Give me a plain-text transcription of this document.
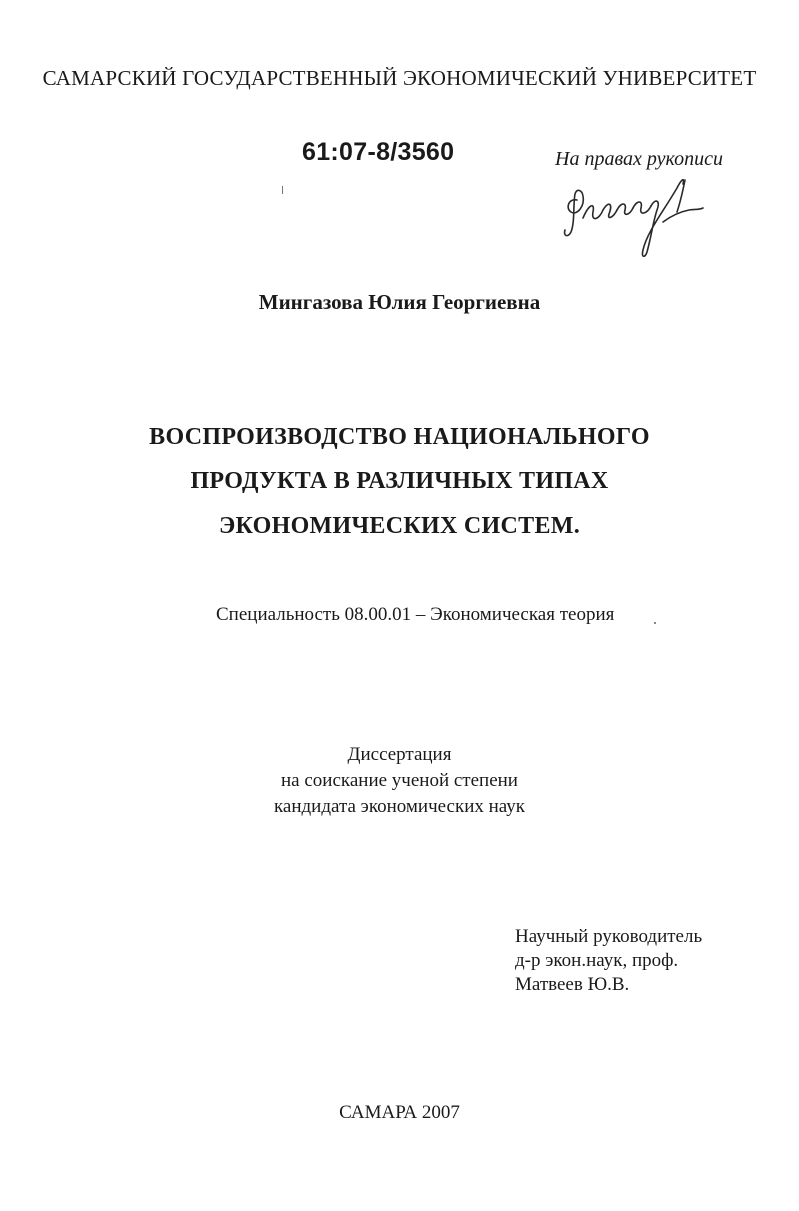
САМАРСКИЙ ГОСУДАРСТВЕННЫЙ ЭКОНОМИЧЕСКИЙ УНИВЕРСИТЕТ
61:07-8/3560	На правах рукописи
Мингазова Юлия Георгиевна
ВОСПРОИЗВОДСТВО НАЦИОНАЛЬНОГО
ПРОДУКТА В РАЗЛИЧНЫХ ТИПАХ
ЭКОНОМИЧЕСКИХ СИСТЕМ.
Специальность 08.00.01 – Экономическая теория
Диссертация
на соискание ученой степени
кандидата экономических наук
Научный руководитель
д-р экон.наук, проф.
Матвеев Ю.В.
САМАРА 2007
